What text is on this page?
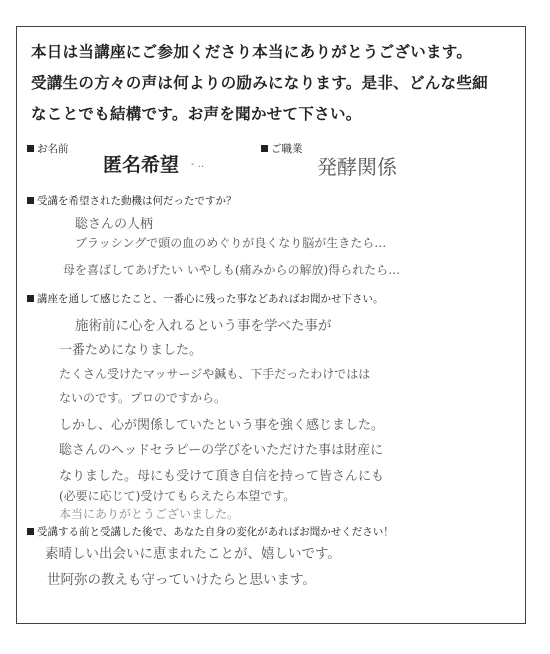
本日は当講座にご参加くださり本当にありがとうございます。
受講生の方々の声は何よりの励みになります。是非、どんな些細
なことでも結構です。お声を聞かせて下さい。

お名前

匿名希望 - ..

ご職業

発酵関係

受講を希望された動機は何だったですか？

聡さんの人柄
ブラッシングで頭の血のめぐりが良くなり脳が生きたら…
母を喜ばしてあげたい いやしも(痛みからの解放)得られたら…

講座を通して感じたこと、一番心に残った事などあればお聞かせ下さい。

施術前に心を入れるという事を学べた事が
一番ためになりました。
たくさん受けたマッサージや鍼も、下手だったわけではは
ないのです。プロのですから。
しかし、心が関係していたという事を強く感じました。
聡さんのヘッドセラピーの学びをいただけた事は財産に
なりました。母にも受けて頂き自信を持って皆さんにも
(必要に応じて)受けてもらえたら本望です。
本当にありがとうございました。

受講する前と受講した後で、あなた自身の変化があればお聞かせください！

素晴しい出会いに恵まれたことが、嬉しいです。
世阿弥の教えも守っていけたらと思います。
